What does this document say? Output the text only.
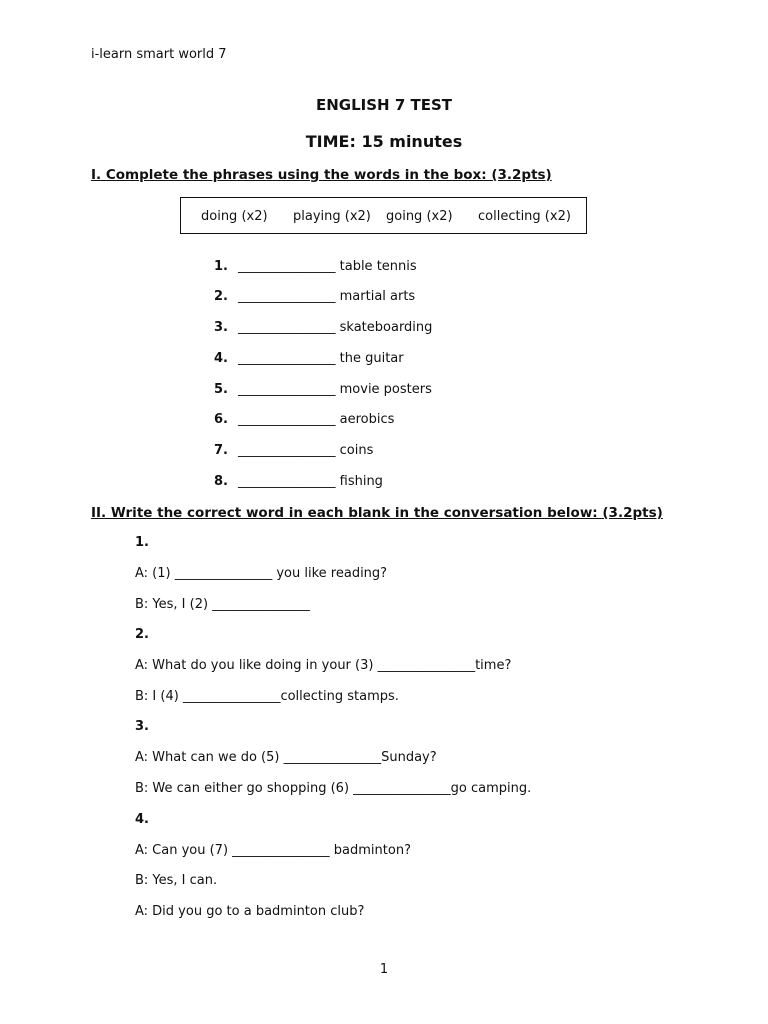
i-learn smart world 7
ENGLISH 7 TEST
TIME: 15 minutes
I. Complete the phrases using the words in the box: (3.2pts)
doing (x2) playing (x2) going (x2) collecting (x2)
1. _______________ table tennis
2. _______________ martial arts
3. _______________ skateboarding
4. _______________ the guitar
5. _______________ movie posters
6. _______________ aerobics
7. _______________ coins
8. _______________ fishing
II. Write the correct word in each blank in the conversation below: (3.2pts)
1.
A: (1) _______________ you like reading?
B: Yes, I (2) _______________
2.
A: What do you like doing in your (3) _______________time?
B: I (4) _______________collecting stamps.
3.
A: What can we do (5) _______________Sunday?
B: We can either go shopping (6) _______________go camping.
4.
A: Can you (7) _______________ badminton?
B: Yes, I can.
A: Did you go to a badminton club?
1
